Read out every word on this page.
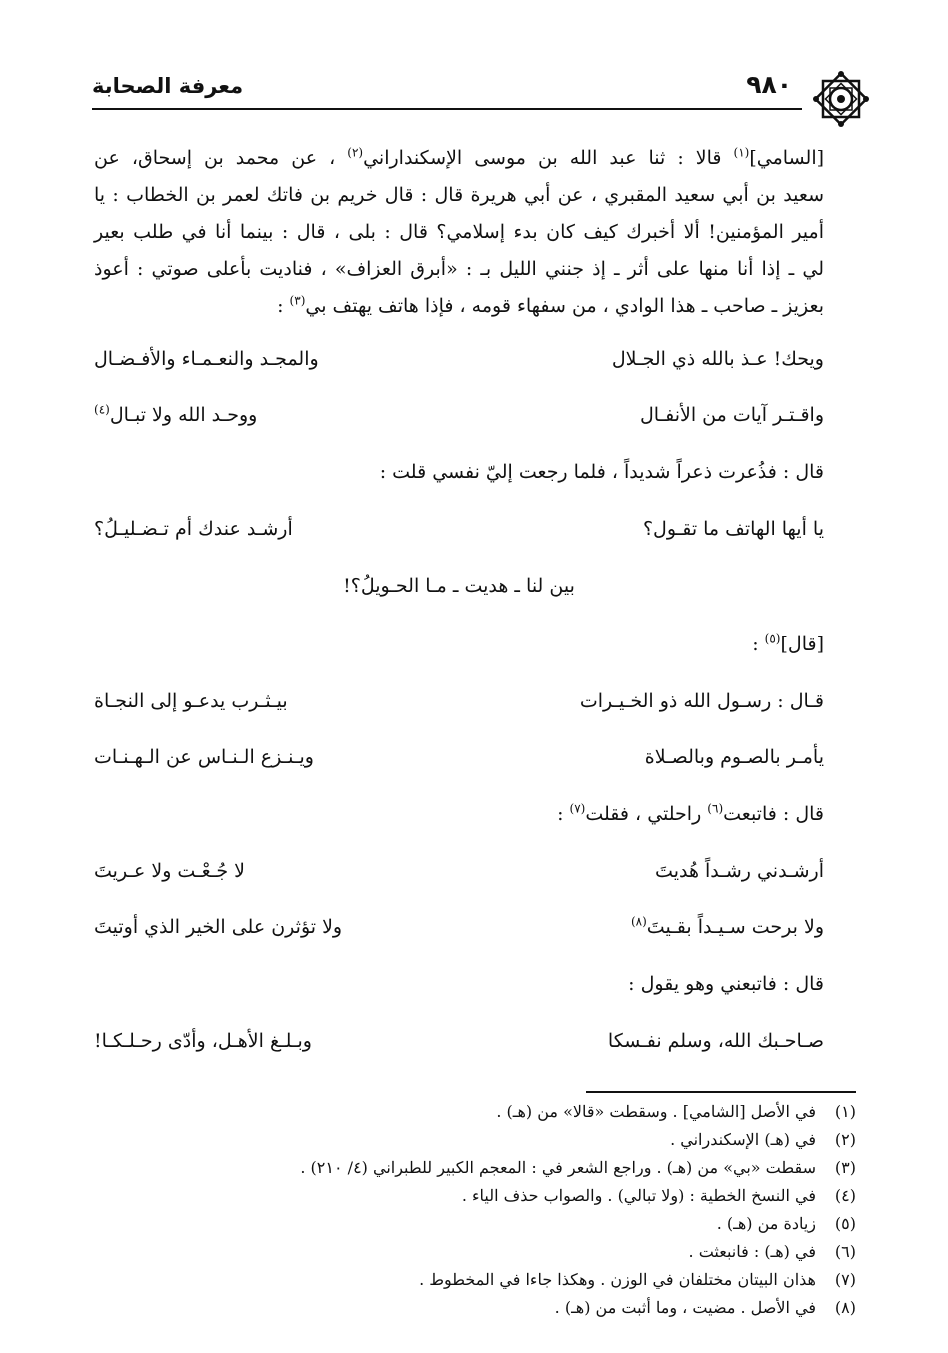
٩٨٠
معرفة الصحابة

[السامي]$^{(١)}$ قالا : ثنا عبد الله بن موسى الإسكنداراني$^{(٢)}$ ، عن محمد بن إسحاق، عن

سعيد بن أبي سعيد المقبري ، عن أبي هريرة قال : قال خريم بن فاتك لعمر بن الخطاب : يا

أمير المؤمنين! ألا أخبرك كيف كان بدء إسلامي؟ قال : بلى ، قال : بينما أنا في طلب بعير

لي ـ إذا أنا منها على أثر ـ إذ جنني الليل بـ : «أبرق العزاف» ، فناديت بأعلى صوتي : أعوذ

بعزيز ـ صاحب ـ هذا الوادي ، من سفهاء قومه ، فإذا هاتف يهتف بي$^{(٣)}$ :

ويحك! عـذ بالله ذي الجـلال
والمجـد والنعـمـاء والأفـضـال
واقـتـر آيات من الأنفـال
ووحـد الله ولا تبـال$^{(٤)}$
قال : فذُعرت ذعراً شديداً ، فلما رجعت إليّ نفسي قلت :
يا أيها الهاتف ما تقـول؟
أرشـد عندك أم تـضـليـلُ؟
بين لنا ـ هديت ـ مـا الحـويلُ؟!
[قال]$^{(٥)}$ :
قـال : رسـول الله ذو الخـيـرات
بيـثـرب يدعـو إلى النجـاة
يأمـر بالصـوم وبالصـلاة
ويـنـزع الـنـاس عن الـهـنـات
قال : فاتبعت$^{(٦)}$ راحلتي ، فقلت$^{(٧)}$ :
أرشـدني رشـداً هُديتَ
لا جُـعْـت ولا عـريتَ
ولا برحت سـيـداً بقـيتَ$^{(٨)}$
ولا تؤثرن على الخير الذي أوتيتَ
قال : فاتبعني وهو يقول :
صـاحـبك الله، وسلم نفـسكا
وبـلـغ الأهـل، وأدّى رحـلـكـا!
(١)في الأصل [الشامي] . وسقطت «قالا» من (هـ) .
(٢)في (هـ) الإسكندراني .
(٣)سقطت «بي» من (هـ) . وراجع الشعر في : المعجم الكبير للطبراني (٤/ ٢١٠) .
(٤)في النسخ الخطية : (ولا تبالي) . والصواب حذف الياء .
(٥)زيادة من (هـ) .
(٦)في (هـ) : فانبعثت .
(٧)هذان البيتان مختلفان في الوزن . وهكذا جاءا في المخطوط .
(٨)في الأصل . مضيت ، وما أثبت من (هـ) .
